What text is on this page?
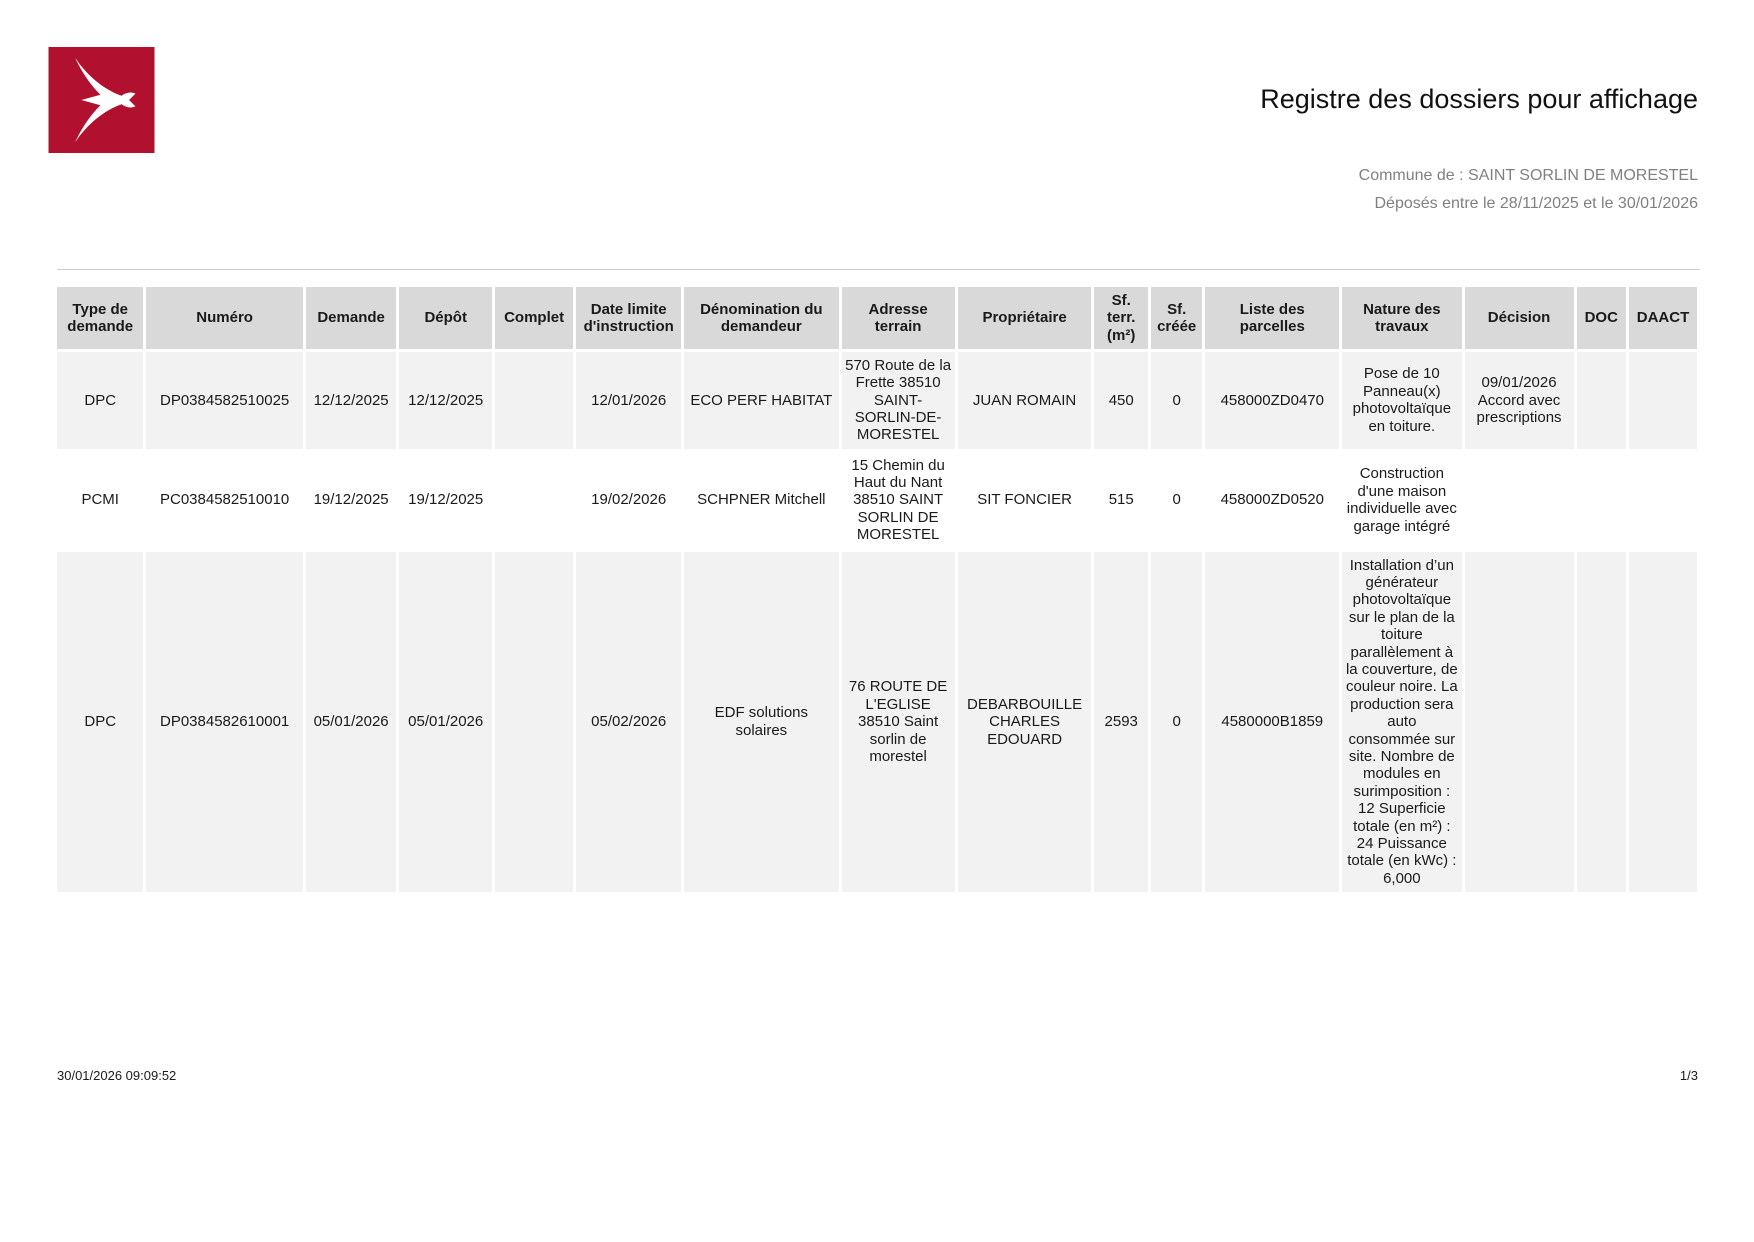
Registre des dossiers pour affichage
Commune de : SAINT SORLIN DE MORESTEL
Déposés entre le 28/11/2025 et le 30/01/2026
Type de demande	Numéro	Demande	Dépôt	Complet	Date limite d'instruction	Dénomination du demandeur	Adresse terrain	Propriétaire	Sf. terr. (m²)	Sf. créée	Liste des parcelles	Nature des travaux	Décision	DOC	DAACT
DPC	DP0384582510025	12/12/2025	12/12/2025		12/01/2026	ECO PERF HABITAT	570 Route de la Frette 38510 SAINT-SORLIN-DE-MORESTEL	JUAN ROMAIN	450	0	458000ZD0470	Pose de 10 Panneau(x) photovoltaïque en toiture.	09/01/2026 Accord avec prescriptions		
PCMI	PC0384582510010	19/12/2025	19/12/2025		19/02/2026	SCHPNER Mitchell	15 Chemin du Haut du Nant 38510 SAINT SORLIN DE MORESTEL	SIT FONCIER	515	0	458000ZD0520	Construction d'une maison individuelle avec garage intégré			
DPC	DP0384582610001	05/01/2026	05/01/2026		05/02/2026	EDF solutions solaires	76 ROUTE DE L'EGLISE 38510 Saint sorlin de morestel	DEBARBOUILLE CHARLES EDOUARD	2593	0	4580000B1859	Installation d’un générateur photovoltaïque sur le plan de la toiture parallèlement à la couverture, de couleur noire. La production sera auto consommée sur site. Nombre de modules en surimposition : 12 Superficie totale (en m²) : 24 Puissance totale (en kWc) : 6,000			
30/01/2026 09:09:52	1/3
